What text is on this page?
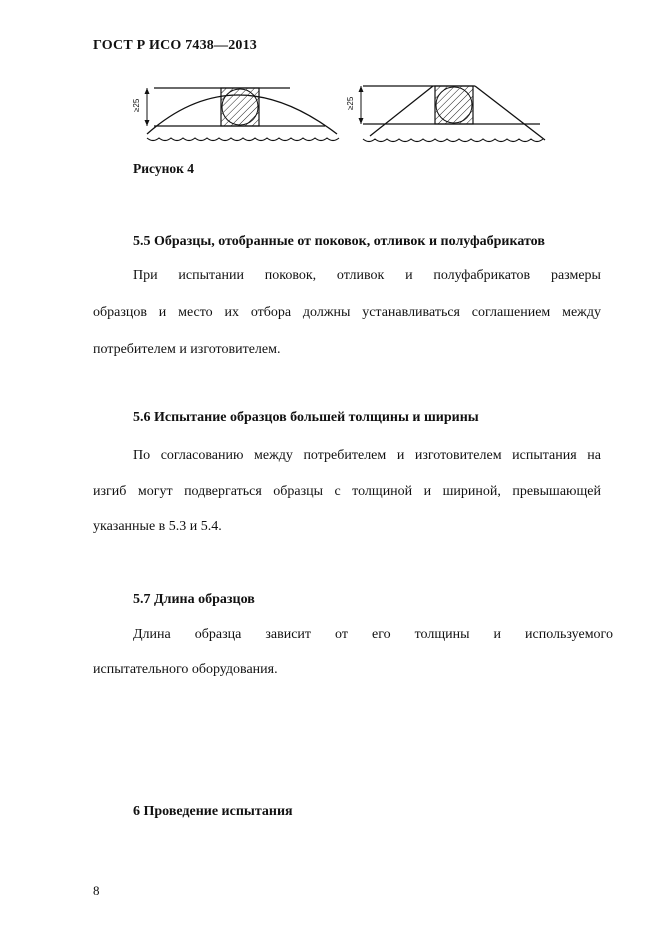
ГОСТ Р ИСО 7438—2013
≥25	≥25
Рисунок 4
5.5 Образцы, отобранные от поковок, отливок и полуфабрикатов
При испытании поковок, отливок и полуфабрикатов размеры
образцов и место их отбора должны устанавливаться соглашением между
потребителем и изготовителем.
5.6 Испытание образцов большей толщины и ширины
По согласованию между потребителем и изготовителем испытания на
изгиб могут подвергаться образцы с толщиной и шириной, превышающей
указанные в 5.3 и 5.4.
5.7 Длина образцов
Длина образца зависит от его толщины и используемого
испытательного оборудования.
6 Проведение испытания
8
